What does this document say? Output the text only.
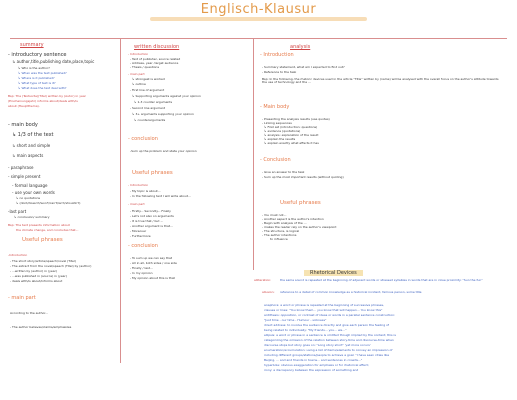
Englisch-Klausur
summary
- introductory sentence
↳ author,title,publishing date,place,topic
↳ Who is the author?
↳ When was the text published?
↳ Where is it published?
↳ What type of text is it?
↳ What does the text deal with?
Bsp: The (Textsorte)(Titel) written by (Autor) in year
(Erscheinungsjahr) informs about/deals with/is
about (Hauptthema).
- main body
↳ 1/3 of the text
↳ short and simple
↳ main aspects
- paraphrase
- simple present
- formal language
- use your own words
↳ no quotations
↳ (dont/doesn't/won't/can't/isn't/shouldn't)
-last part
↳ conclusion/ summary
Bsp: The text presents information about
the climate change, and concludes that...
Useful phrases
-Introduction
- The short story/article/speech/novel (Titel)
- The extract from the novel/speech (Titel) by (author)
- ...written by (author) in (year)
- ...was published in (source) in (year)
- deals with/is about/informs about
- main part
According to the author...
- The author believes/claims/emphasizes
written discussion
- Introduction
- Text of publisher, source related
- Address, year, target audience
- Thesis / questions
- main part
↳ strongest is worked
↳ outline
- First line of argument
↳ Supporting arguments against your opinion
↳ 1-3 counter arguments
- Second line argument
↳ 3+ arguments supporting your opinion
↳ counterarguments
- conclusion
-Sum up the problem and state your opinion
Useful phrases
- Introduction
- My topic is about...
- In the following text I will write about...
- main part
- Firstly... Secondly... Finally
- Let's not also on arguments
- It is true that / but ...
- Another argument is that...
- Moreover
- Furthermore
- conclusion
- To sum up we can say that
- All in all, both sides / one side
- Finally / last...
- In my opinion
- My opinion about this is that
analysis
- Introduction
- Summary statement, what am I expected to find out?
- Reference to the task
Bsp: In the following, the rhetoric devices used in the article "Title" written by (name) will be analysed with the overall focus on the author's attitude towards the use of technology and the ...
- Main body
- Presenting the analysis results (use quotes)
- Linking sequences
↳ First aid (introduction: questions)
↳ evidence (quotations)
↳ analysis: explanation of the result
↳ explain the results
↳ explain exactly what effects it has
- Conclusion
- Give an answer to the task
- Sum up the most important results (without quoting)
Useful phrases
- You must not...
- Another aspect is the author's intention
- Begin with analysis of the ...
- makes the reader rely on the author's viewpoint
- The structure, is logical
- The author intentions
to influence
Rhetorical Devices
alliteration:	the same sound is repeated at the beginning of adjacent words or stressed syllables in words that are in close proximity: "Sun the fun"
allusion: reference to a detail of common knowledge as a historical incident, famous person, some title
anaphora: a word or phrase is repeated at the beginning of successive phrases,
clauses or lines: "You know them... you know that will happen... You know this"
antithesis: opposition, or contrast of ideas or words in a parallel sentence construction:
"Just time - our time - Humour - sickness"
direct address: to involve the audience directly and give each person the feeling of
being related to individually: "My friends... you... we..."
ellipsis: a word or phrase in a sentence is omitted though implied by the context; this is
categorizing the omission of the relation between story-time and discourse-time when
discourse stops but story goes on: "Long story short" 'yet more occurs'
enumeration/accumulation: using a list of items/elements to convey an impression of
including different groups/stations/people to achieve a goal: "I have seen cities like
Beijing, ... and and friends in towns... and sentences in crowds..."
hyperbole: obvious exaggeration for emphasis or for rhetorical effect;
irony: a discrepancy between the expression of something and
